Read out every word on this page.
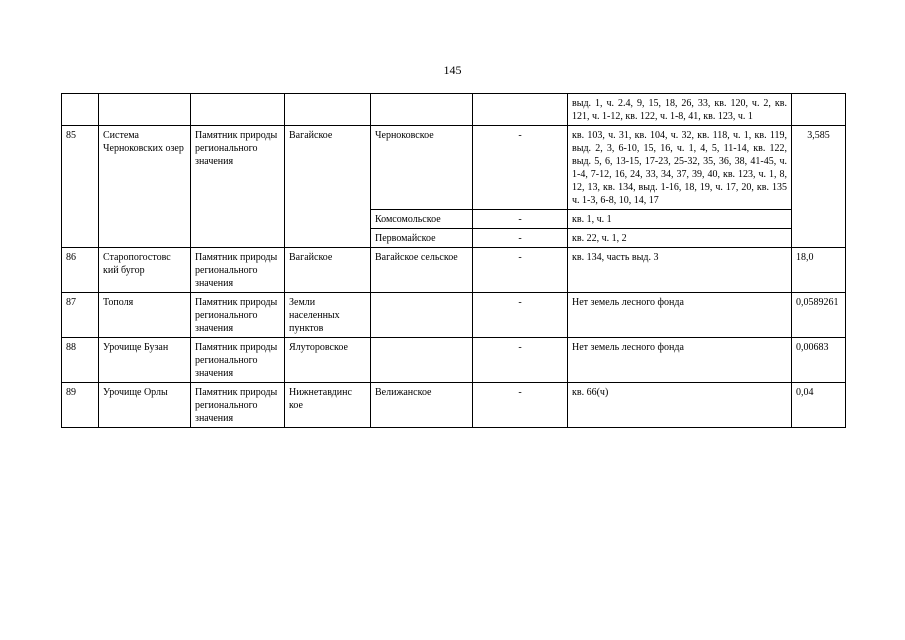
145
						выд. 1, ч. 2.4, 9, 15, 18, 26, 33, кв. 120, ч. 2, кв. 121, ч. 1-12, кв. 122, ч. 1-8, 41, кв. 123, ч. 1	
85	Система Черноковских озер	Памятник природы регионального значения	Вагайское	Черноковское	-	кв. 103, ч. 31, кв. 104, ч. 32, кв. 118, ч. 1, кв. 119, выд. 2, 3, 6-10, 15, 16, ч. 1, 4, 5, 11-14, кв. 122, выд. 5, 6, 13-15, 17-23, 25-32, 35, 36, 38, 41-45, ч. 1-4, 7-12, 16, 24, 33, 34, 37, 39, 40, кв. 123, ч. 1, 8, 12, 13, кв. 134, выд. 1-16, 18, 19, ч. 17, 20, кв. 135 ч. 1-3, 6-8, 10, 14, 17	3,585
				Комсомольское	-	кв. 1, ч. 1	
				Первомайское	-	кв. 22, ч. 1, 2	
86	Старопогостовс кий бугор	Памятник природы регионального значения	Вагайское	Вагайское сельское	-	кв. 134, часть выд. 3	18,0
87	Тополя	Памятник природы регионального значения	Земли населенных пунктов		-	Нет земель лесного фонда	0,0589261
88	Урочище Бузан	Памятник природы регионального значения	Ялуторовское		-	Нет земель лесного фонда	0,00683
89	Урочище Орлы	Памятник природы регионального значения	Нижнетавдинс кое	Велижанское	-	кв. 66(ч)	0,04
